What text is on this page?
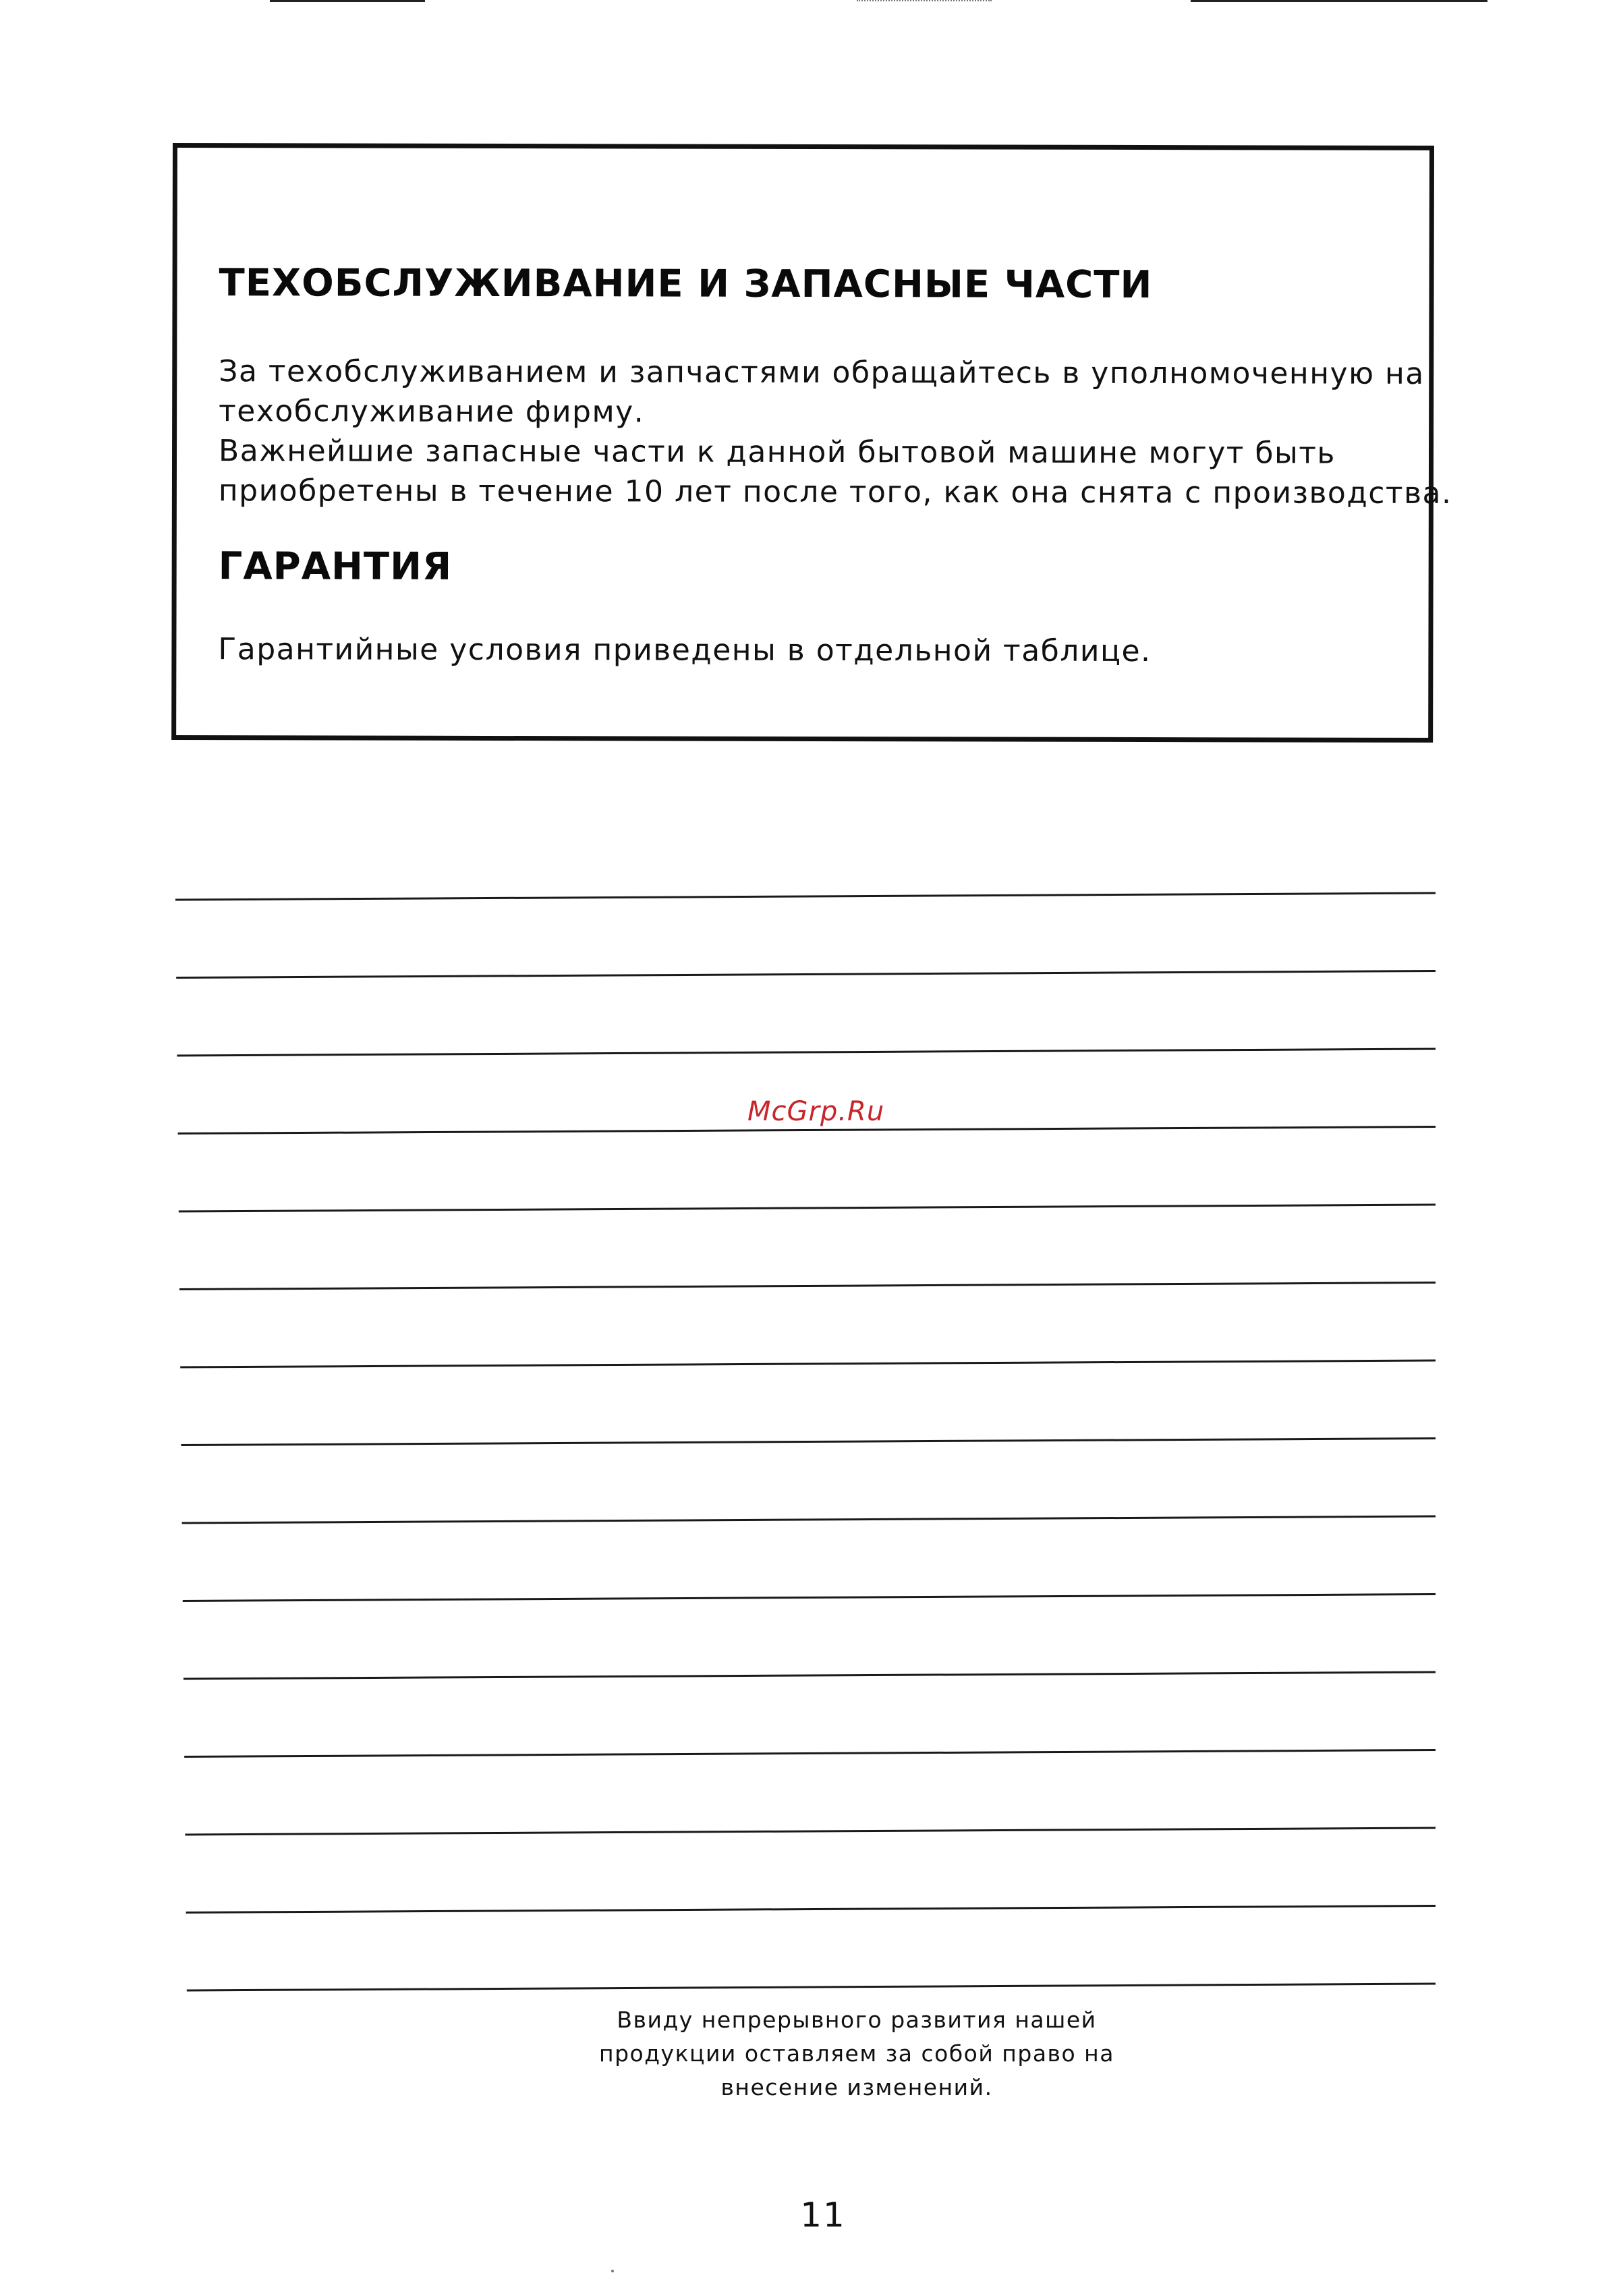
ТЕХОБСЛУЖИВАНИЕ И ЗАПАСНЫЕ ЧАСТИ

За техобслуживанием и запчастями обращайтесь в уполномоченную на
техобслуживание фирму.
Важнейшие запасные части к данной бытовой машине могут быть
приобретены в течение 10 лет после того, как она снята с производства.

ГАРАНТИЯ

Гарантийные условия приведены в отдельной таблице.

McGrp.Ru
Ввиду непрерывного развития нашей
продукции оставляем за собой право на
внесение изменений.
11
